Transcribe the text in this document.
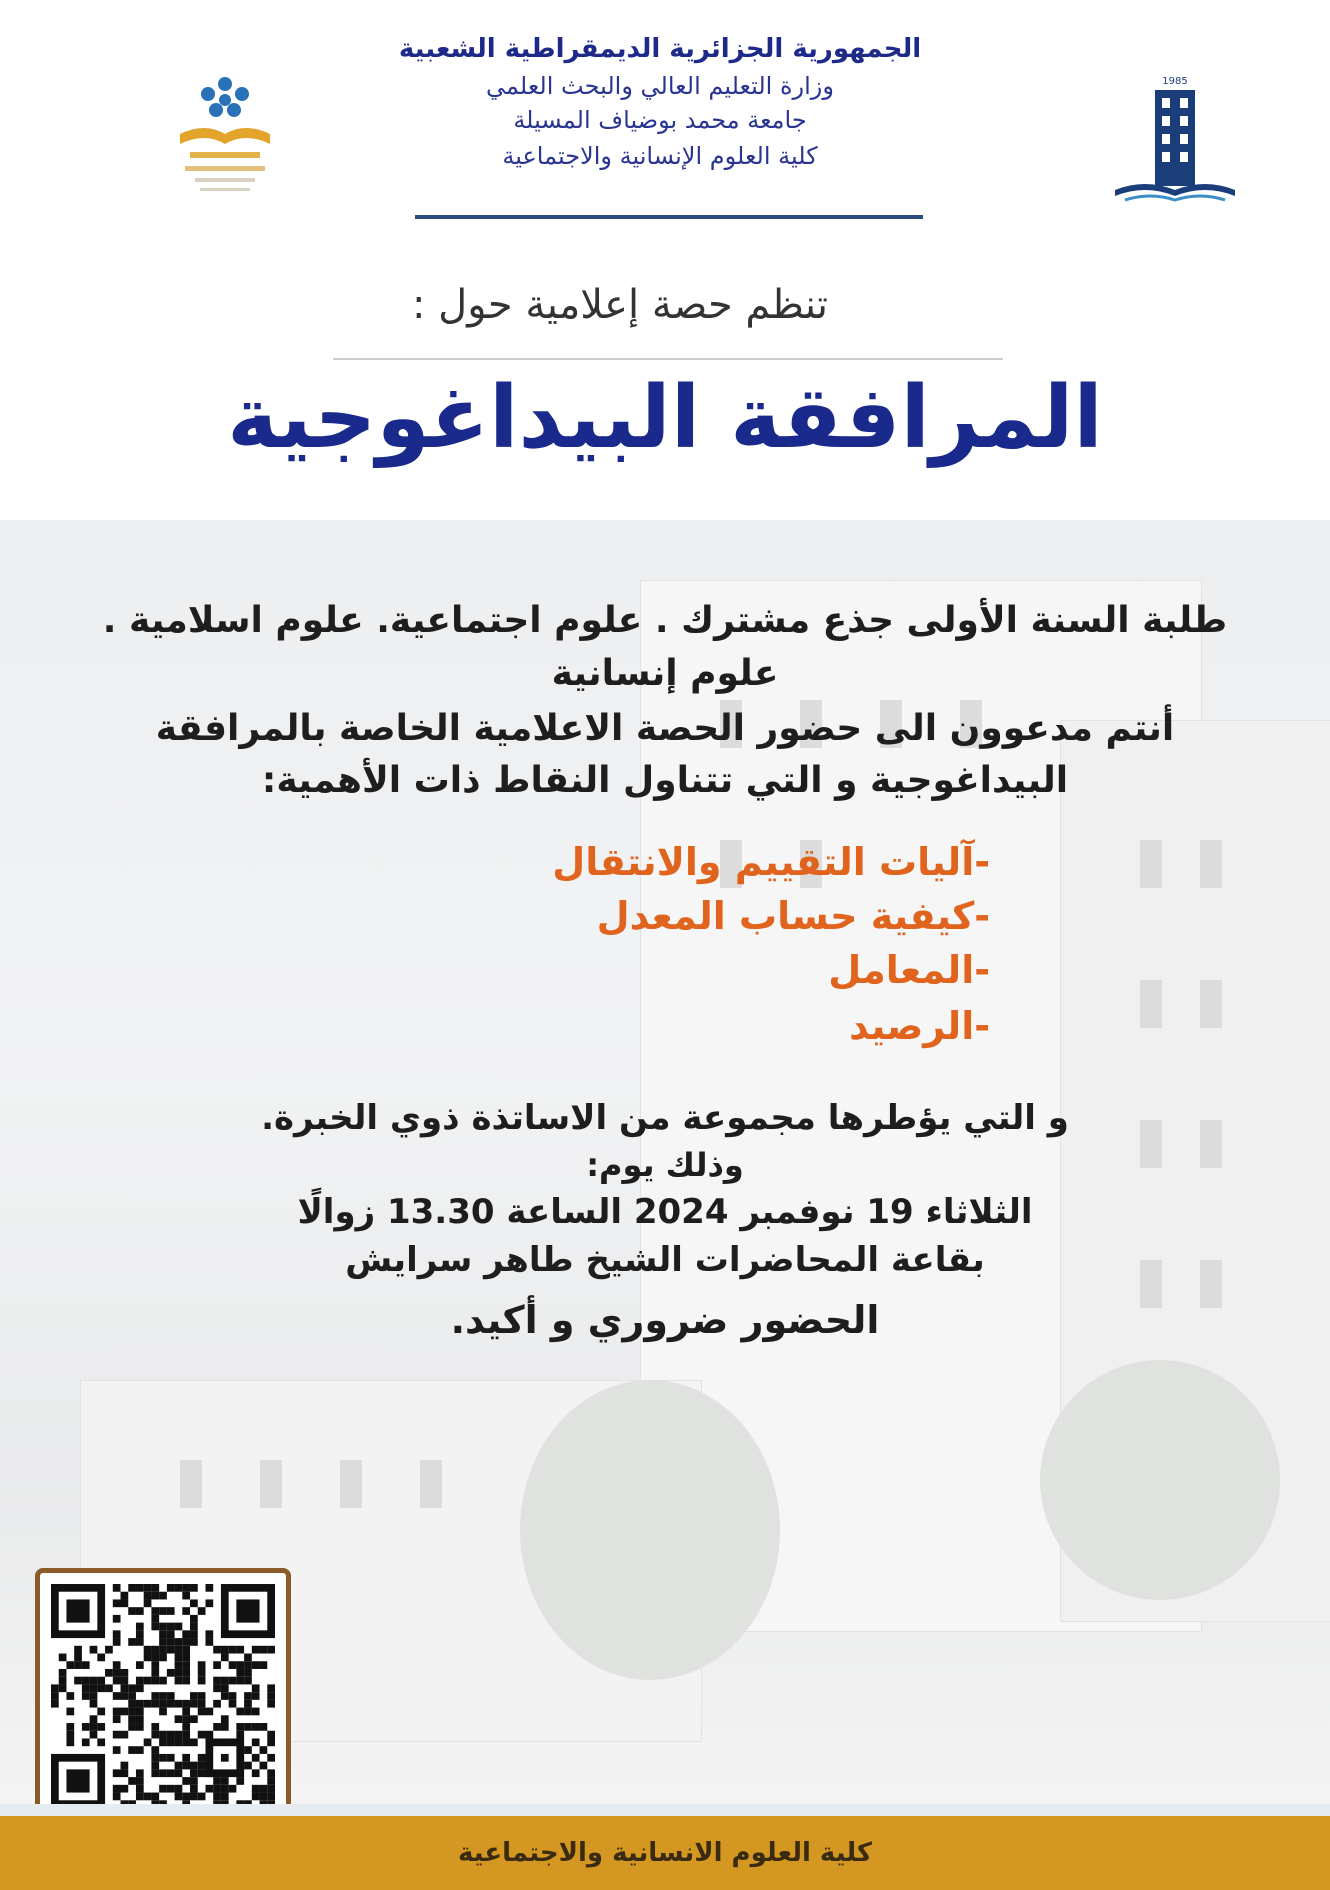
1985
الجمهورية الجزائرية الديمقراطية الشعبية
وزارة التعليم العالي والبحث العلمي
جامعة محمد بوضياف المسيلة
كلية العلوم الإنسانية والاجتماعية
تنظم حصة إعلامية حول :
المرافقة البيداغوجية
طلبة السنة الأولى جذع مشترك . علوم اجتماعية. علوم اسلامية .
علوم إنسانية
أنتم مدعوون الى حضور الحصة الاعلامية الخاصة بالمرافقة
البيداغوجية و التي تتناول النقاط ذات الأهمية:
-آليات التقييم والانتقال
-كيفية حساب المعدل
-المعامل
-الرصيد
و التي يؤطرها مجموعة من الاساتذة ذوي الخبرة.
وذلك يوم:
الثلاثاء 19 نوفمبر 2024 الساعة 13.30 زوالًا
بقاعة المحاضرات الشيخ طاهر سرايش
الحضور ضروري و أكيد.
كلية العلوم الانسانية والاجتماعية
